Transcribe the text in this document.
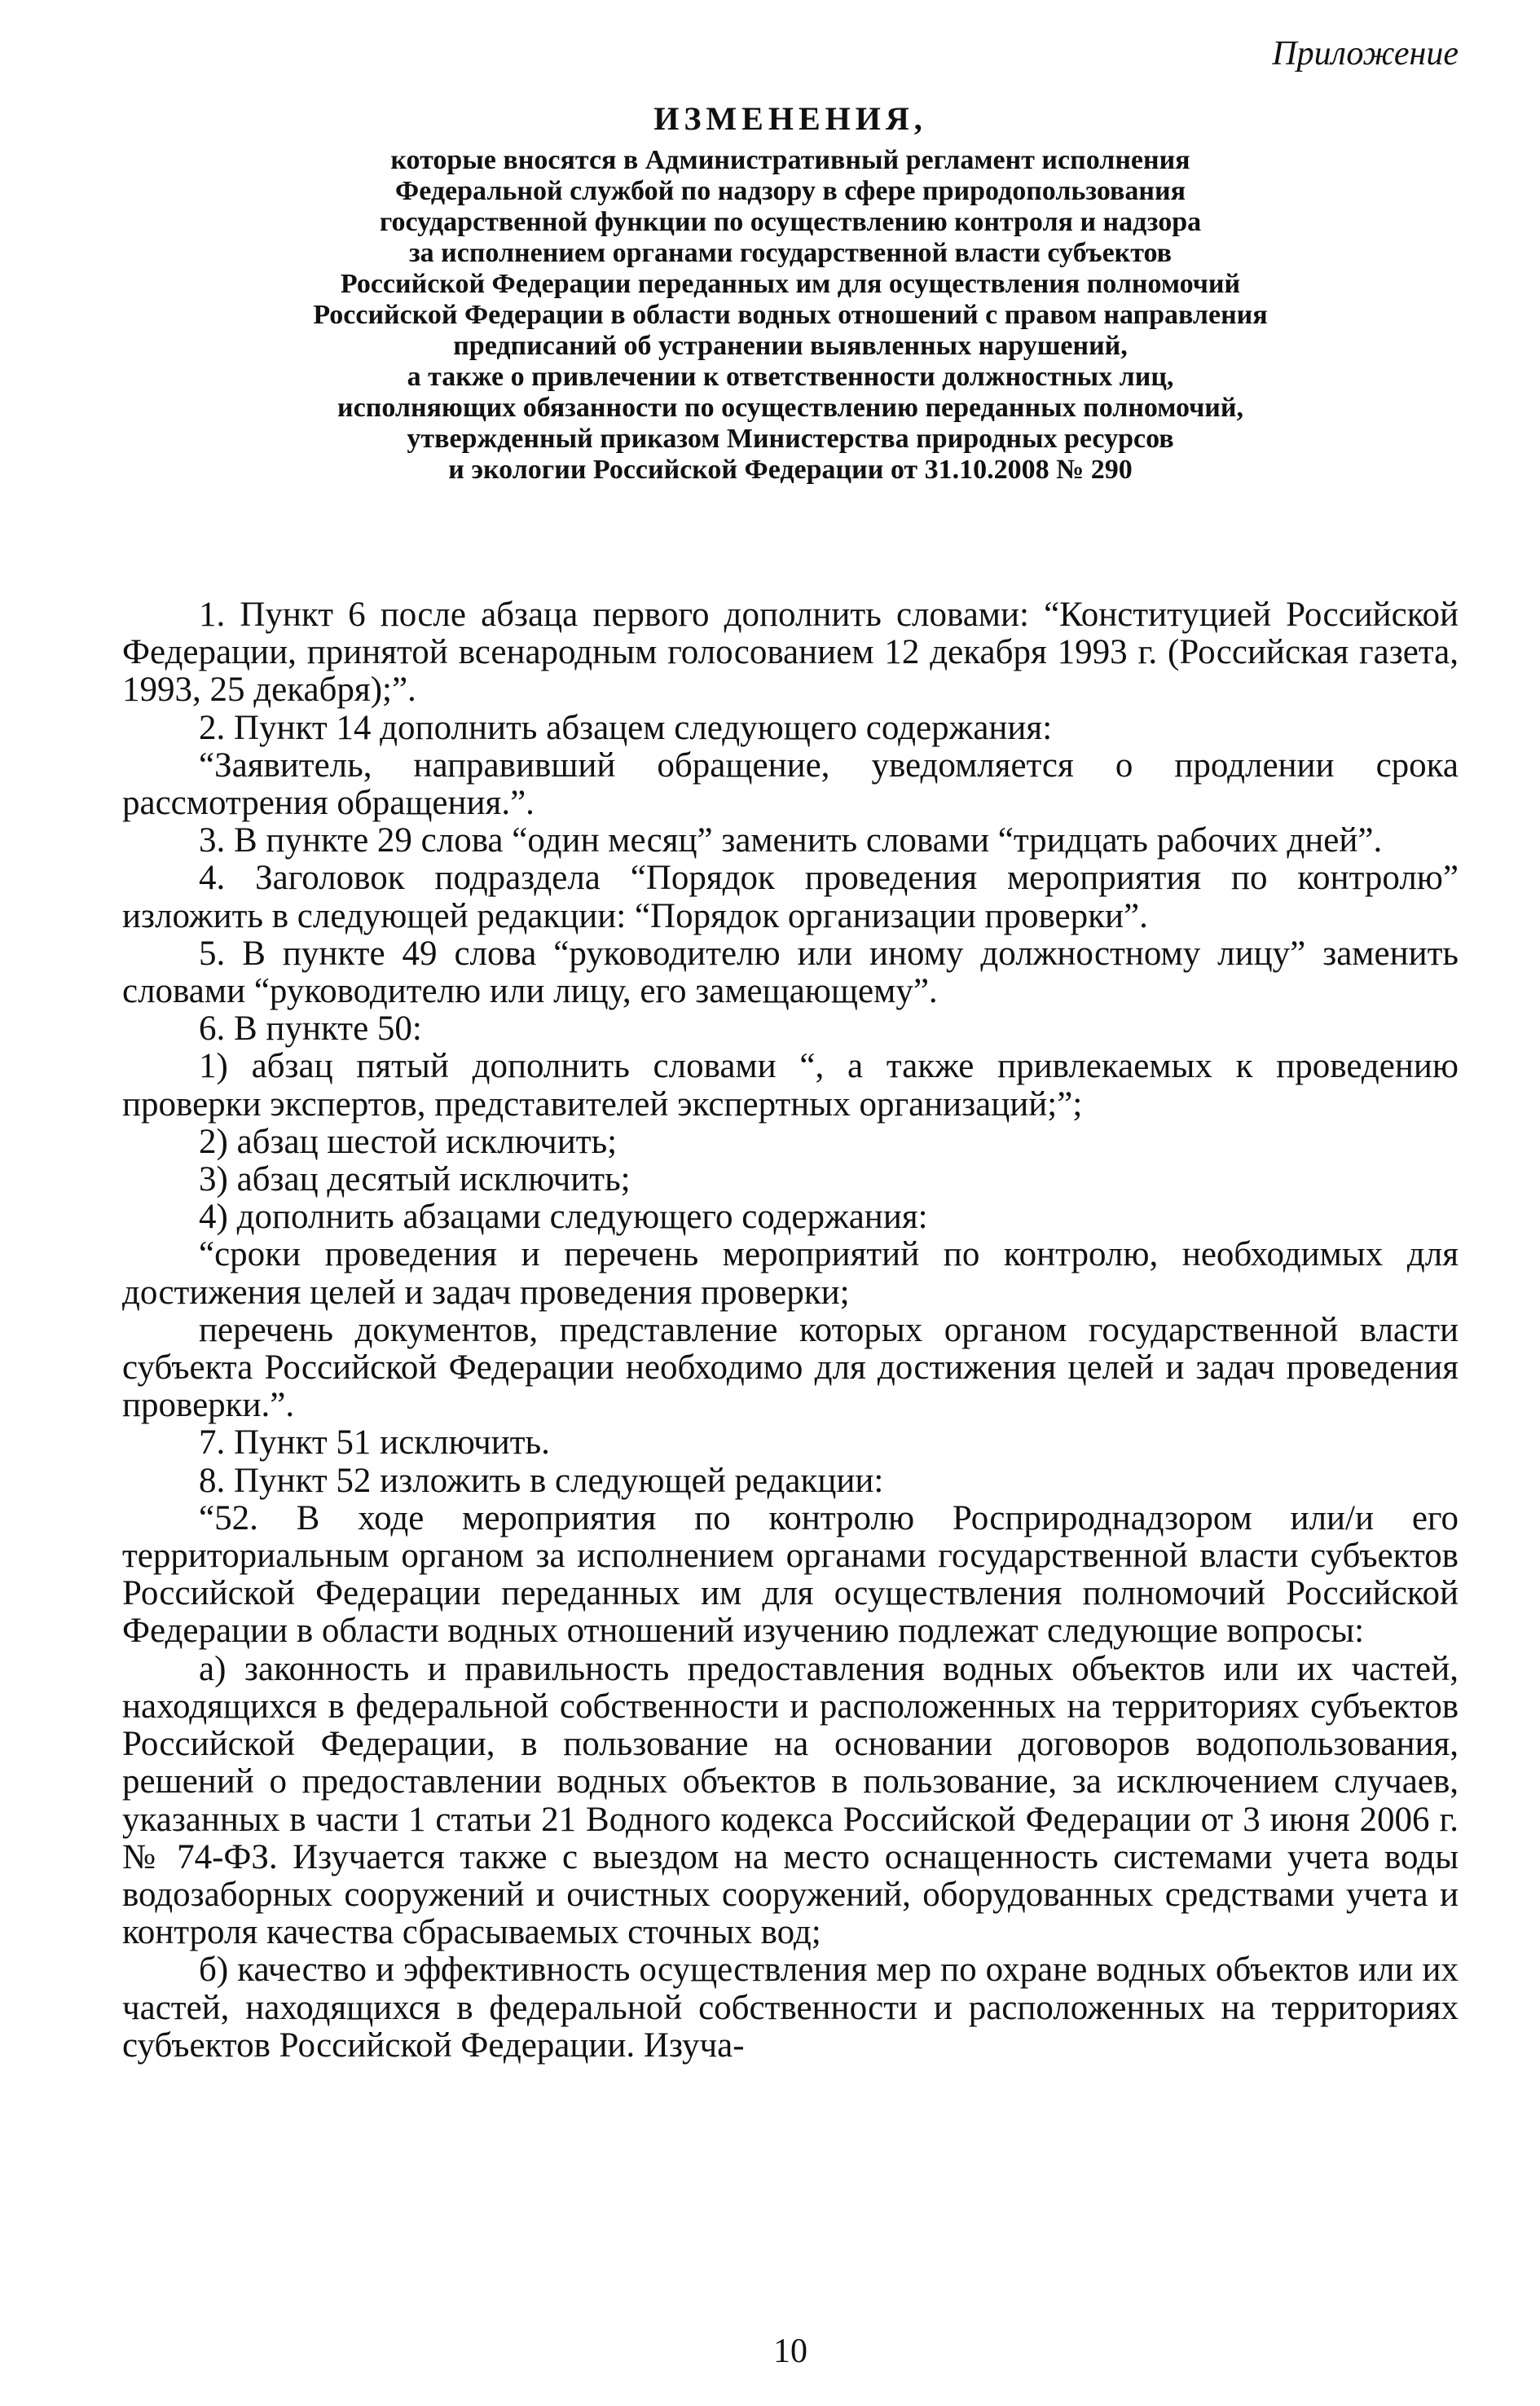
Приложение
ИЗМЕНЕНИЯ,
которые вносятся в Административный регламент исполнения
Федеральной службой по надзору в сфере природопользования
государственной функции по осуществлению контроля и надзора
за исполнением органами государственной власти субъектов
Российской Федерации переданных им для осуществления полномочий
Российской Федерации в области водных отношений с правом направления
предписаний об устранении выявленных нарушений,
а также о привлечении к ответственности должностных лиц,
исполняющих обязанности по осуществлению переданных полномочий,
утвержденный приказом Министерства природных ресурсов
и экологии Российской Федерации от 31.10.2008 № 290

1. Пункт 6 после абзаца первого дополнить словами: “Конституцией Российской Федерации, принятой всенародным голосованием 12 декабря 1993 г. (Российская газета, 1993, 25 декабря);”.

2. Пункт 14 дополнить абзацем следующего содержания:

“Заявитель, направивший обращение, уведомляется о продлении срока рассмотрения обращения.”.

3. В пункте 29 слова “один месяц” заменить словами “тридцать рабочих дней”.

4. Заголовок подраздела “Порядок проведения мероприятия по контролю” изложить в следующей редакции: “Порядок организации проверки”.

5. В пункте 49 слова “руководителю или иному должностному лицу” заменить словами “руководителю или лицу, его замещающему”.

6. В пункте 50:

1) абзац пятый дополнить словами “, а также привлекаемых к проведению проверки экспертов, представителей экспертных организаций;”;

2) абзац шестой исключить;

3) абзац десятый исключить;

4) дополнить абзацами следующего содержания:

“сроки проведения и перечень мероприятий по контролю, необходимых для достижения целей и задач проведения проверки;

перечень документов, представление которых органом государственной власти субъекта Российской Федерации необходимо для достижения целей и задач проведения проверки.”.

7. Пункт 51 исключить.

8. Пункт 52 изложить в следующей редакции:

“52. В ходе мероприятия по контролю Росприроднадзором или/и его территориальным органом за исполнением органами государственной власти субъектов Российской Федерации переданных им для осуществления полномочий Российской Федерации в области водных отношений изучению подлежат следующие вопросы:

а) законность и правильность предоставления водных объектов или их частей, находящихся в федеральной собственности и расположенных на территориях субъектов Российской Федерации, в пользование на основании договоров водопользования, решений о предоставлении водных объектов в пользование, за исключением случаев, указанных в части 1 статьи 21 Водного кодекса Российской Федерации от 3 июня 2006 г. № 74-ФЗ. Изучается также с выездом на место оснащенность системами учета воды водозаборных сооружений и очистных сооружений, оборудованных средствами учета и контроля качества сбрасываемых сточных вод;

б) качество и эффективность осуществления мер по охране водных объектов или их частей, находящихся в федеральной собственности и расположенных на территориях субъектов Российской Федерации. Изуча-

10
